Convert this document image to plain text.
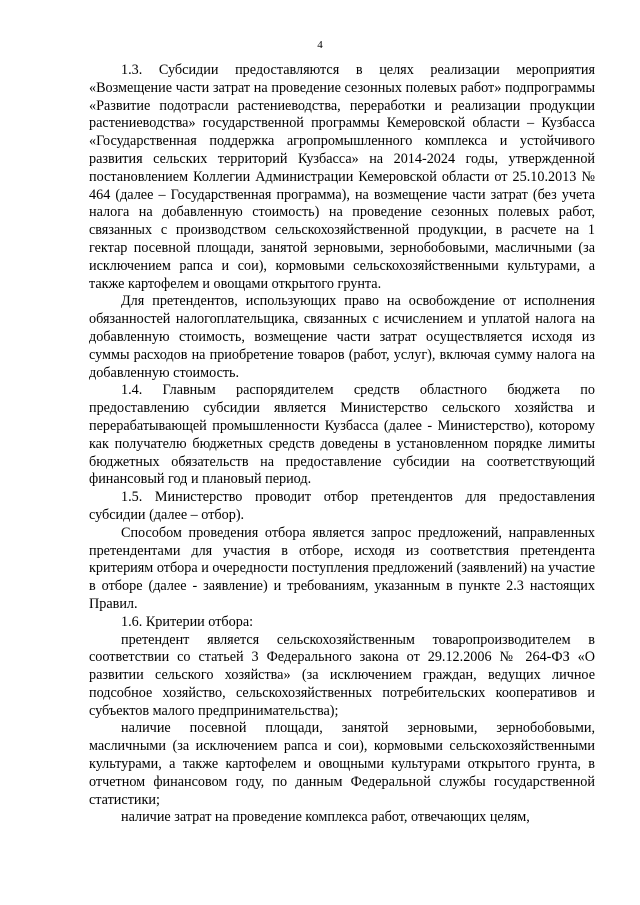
4

1.3. Субсидии предоставляются в целях реализации мероприятия «Возмещение части затрат на проведение сезонных полевых работ» подпрограммы «Развитие подотрасли растениеводства, переработки и реализации продукции растениеводства» государственной программы Кемеровской области – Кузбасса «Государственная поддержка агропромышленного комплекса и устойчивого развития сельских территорий Кузбасса» на 2014-2024 годы, утвержденной постановлением Коллегии Администрации Кемеровской области от 25.10.2013 № 464 (далее – Государственная программа), на возмещение части затрат (без учета налога на добавленную стоимость) на проведение сезонных полевых работ, связанных с производством сельскохозяйственной продукции, в расчете на 1 гектар посевной площади, занятой зерновыми, зернобобовыми, масличными (за исключением рапса и сои), кормовыми сельскохозяйственными культурами, а также картофелем и овощами открытого грунта.

Для претендентов, использующих право на освобождение от исполнения обязанностей налогоплательщика, связанных с исчислением и уплатой налога на добавленную стоимость, возмещение части затрат осуществляется исходя из суммы расходов на приобретение товаров (работ, услуг), включая сумму налога на добавленную стоимость.

1.4. Главным распорядителем средств областного бюджета по предоставлению субсидии является Министерство сельского хозяйства и перерабатывающей промышленности Кузбасса (далее - Министерство), которому как получателю бюджетных средств доведены в установленном порядке лимиты бюджетных обязательств на предоставление субсидии на соответствующий финансовый год и плановый период.

1.5. Министерство проводит отбор претендентов для предоставления субсидии (далее – отбор).

Способом проведения отбора является запрос предложений, направленных претендентами для участия в отборе, исходя из соответствия претендента критериям отбора и очередности поступления предложений (заявлений) на участие в отборе (далее - заявление) и требованиям, указанным в пункте 2.3 настоящих Правил.

1.6. Критерии отбора:

претендент является сельскохозяйственным товаропроизводителем в соответствии со статьей 3 Федерального закона от 29.12.2006 № 264-ФЗ «О развитии сельского хозяйства» (за исключением граждан, ведущих личное подсобное хозяйство, сельскохозяйственных потребительских кооперативов и субъектов малого предпринимательства);

наличие посевной площади, занятой зерновыми, зернобобовыми, масличными (за исключением рапса и сои), кормовыми сельскохозяйственными культурами, а также картофелем и овощными культурами открытого грунта, в отчетном финансовом году, по данным Федеральной службы государственной статистики;

наличие затрат на проведение комплекса работ, отвечающих целям,
